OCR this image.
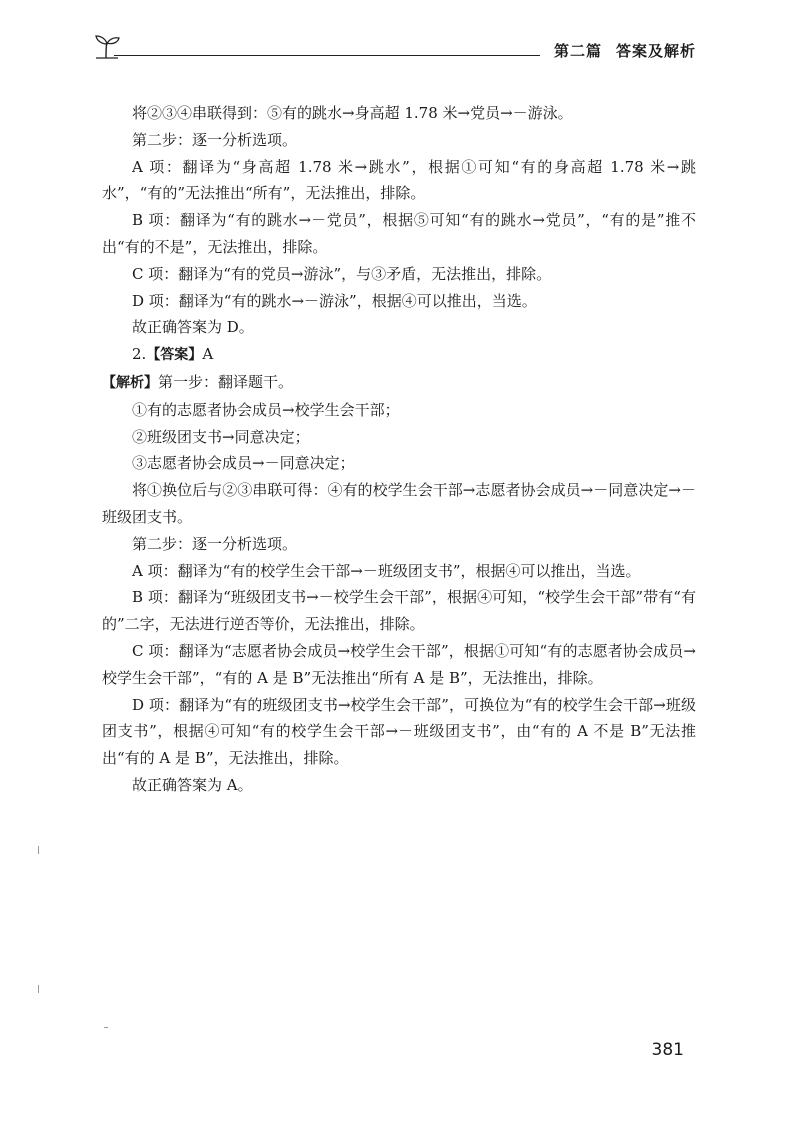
第二篇 答案及解析

将②③④串联得到：⑤有的跳水→身高超 1.78 米→党员→－游泳。

第二步：逐一分析选项。

A 项：翻译为“身高超 1.78 米→跳水”，根据①可知“有的身高超 1.78 米→跳水”，“有的”无法推出“所有”，无法推出，排除。

B 项：翻译为“有的跳水→－党员”，根据⑤可知“有的跳水→党员”，“有的是”推不出“有的不是”，无法推出，排除。

C 项：翻译为“有的党员→游泳”，与③矛盾，无法推出，排除。

D 项：翻译为“有的跳水→－游泳”，根据④可以推出，当选。

故正确答案为 D。

2.【答案】A

【解析】第一步：翻译题干。

①有的志愿者协会成员→校学生会干部；

②班级团支书→同意决定；

③志愿者协会成员→－同意决定；

将①换位后与②③串联可得：④有的校学生会干部→志愿者协会成员→－同意决定→－班级团支书。

第二步：逐一分析选项。

A 项：翻译为“有的校学生会干部→－班级团支书”，根据④可以推出，当选。

B 项：翻译为“班级团支书→－校学生会干部”，根据④可知，“校学生会干部”带有“有的”二字，无法进行逆否等价，无法推出，排除。

C 项：翻译为“志愿者协会成员→校学生会干部”，根据①可知“有的志愿者协会成员→校学生会干部”，“有的 A 是 B”无法推出“所有 A 是 B”，无法推出，排除。

D 项：翻译为“有的班级团支书→校学生会干部”，可换位为“有的校学生会干部→班级团支书”，根据④可知“有的校学生会干部→－班级团支书”，由“有的 A 不是 B”无法推出“有的 A 是 B”，无法推出，排除。

故正确答案为 A。

381
